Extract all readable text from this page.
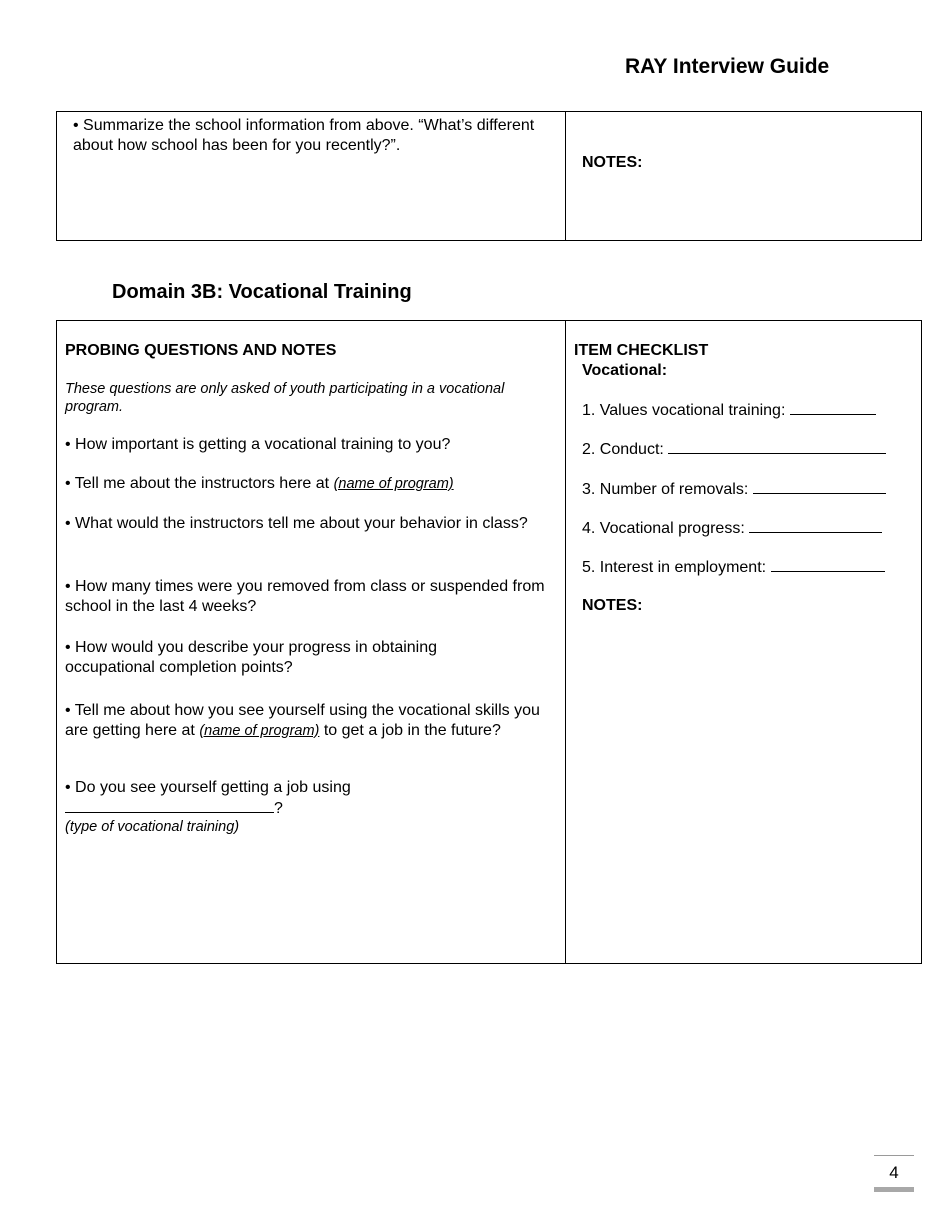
RAY Interview Guide
• Summarize the school information from above. “What’s different about how school has been for you recently?”.
NOTES:
Domain 3B: Vocational Training
PROBING QUESTIONS AND NOTES
These questions are only asked of youth participating in a vocational program.
• How important is getting a vocational training to you?
• Tell me about the instructors here at (name of program)
• What would the instructors tell me about your behavior in class?
• How many times were you removed from class or suspended from school in the last 4 weeks?
• How would you describe your progress in obtaining occupational completion points?
• Tell me about how you see yourself using the vocational skills you are getting here at (name of program) to get a job in the future?
• Do you see yourself getting a job using
?
(type of vocational training)
ITEM CHECKLIST
Vocational:
1. Values vocational training:
2. Conduct:
3. Number of removals:
4. Vocational progress:
5. Interest in employment:
NOTES:
4
